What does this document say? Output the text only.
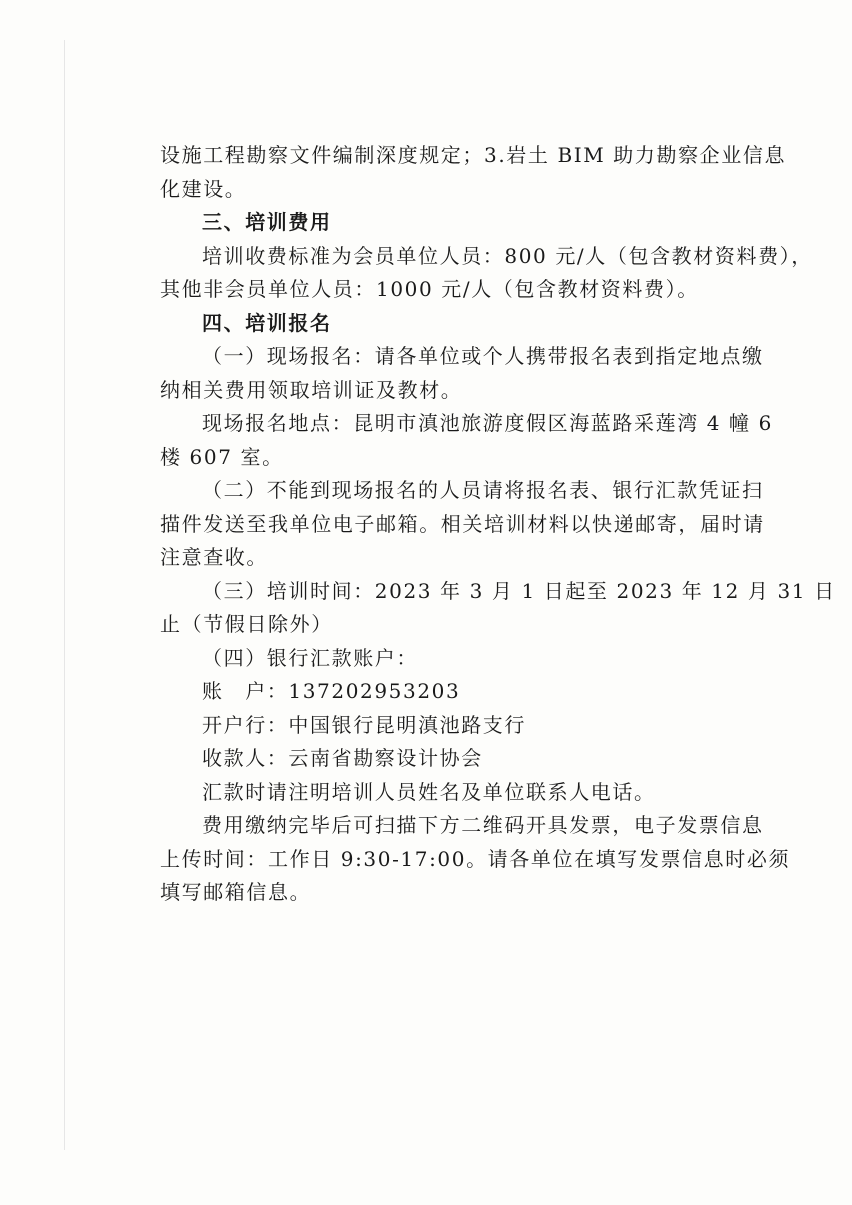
设施工程勘察文件编制深度规定；3.岩土 BIM 助力勘察企业信息
化建设。
三、培训费用
培训收费标准为会员单位人员：800 元/人（包含教材资料费），
其他非会员单位人员：1000 元/人（包含教材资料费）。
四、培训报名
（一）现场报名：请各单位或个人携带报名表到指定地点缴
纳相关费用领取培训证及教材。
现场报名地点：昆明市滇池旅游度假区海蓝路采莲湾 4 幢 6
楼 607 室。
（二）不能到现场报名的人员请将报名表、银行汇款凭证扫
描件发送至我单位电子邮箱。相关培训材料以快递邮寄，届时请
注意查收。
（三）培训时间：2023 年 3 月 1 日起至 2023 年 12 月 31 日
止（节假日除外）
（四）银行汇款账户：
账　户：137202953203
开户行：中国银行昆明滇池路支行
收款人：云南省勘察设计协会
汇款时请注明培训人员姓名及单位联系人电话。
费用缴纳完毕后可扫描下方二维码开具发票，电子发票信息
上传时间：工作日 9:30-17:00。请各单位在填写发票信息时必须
填写邮箱信息。
